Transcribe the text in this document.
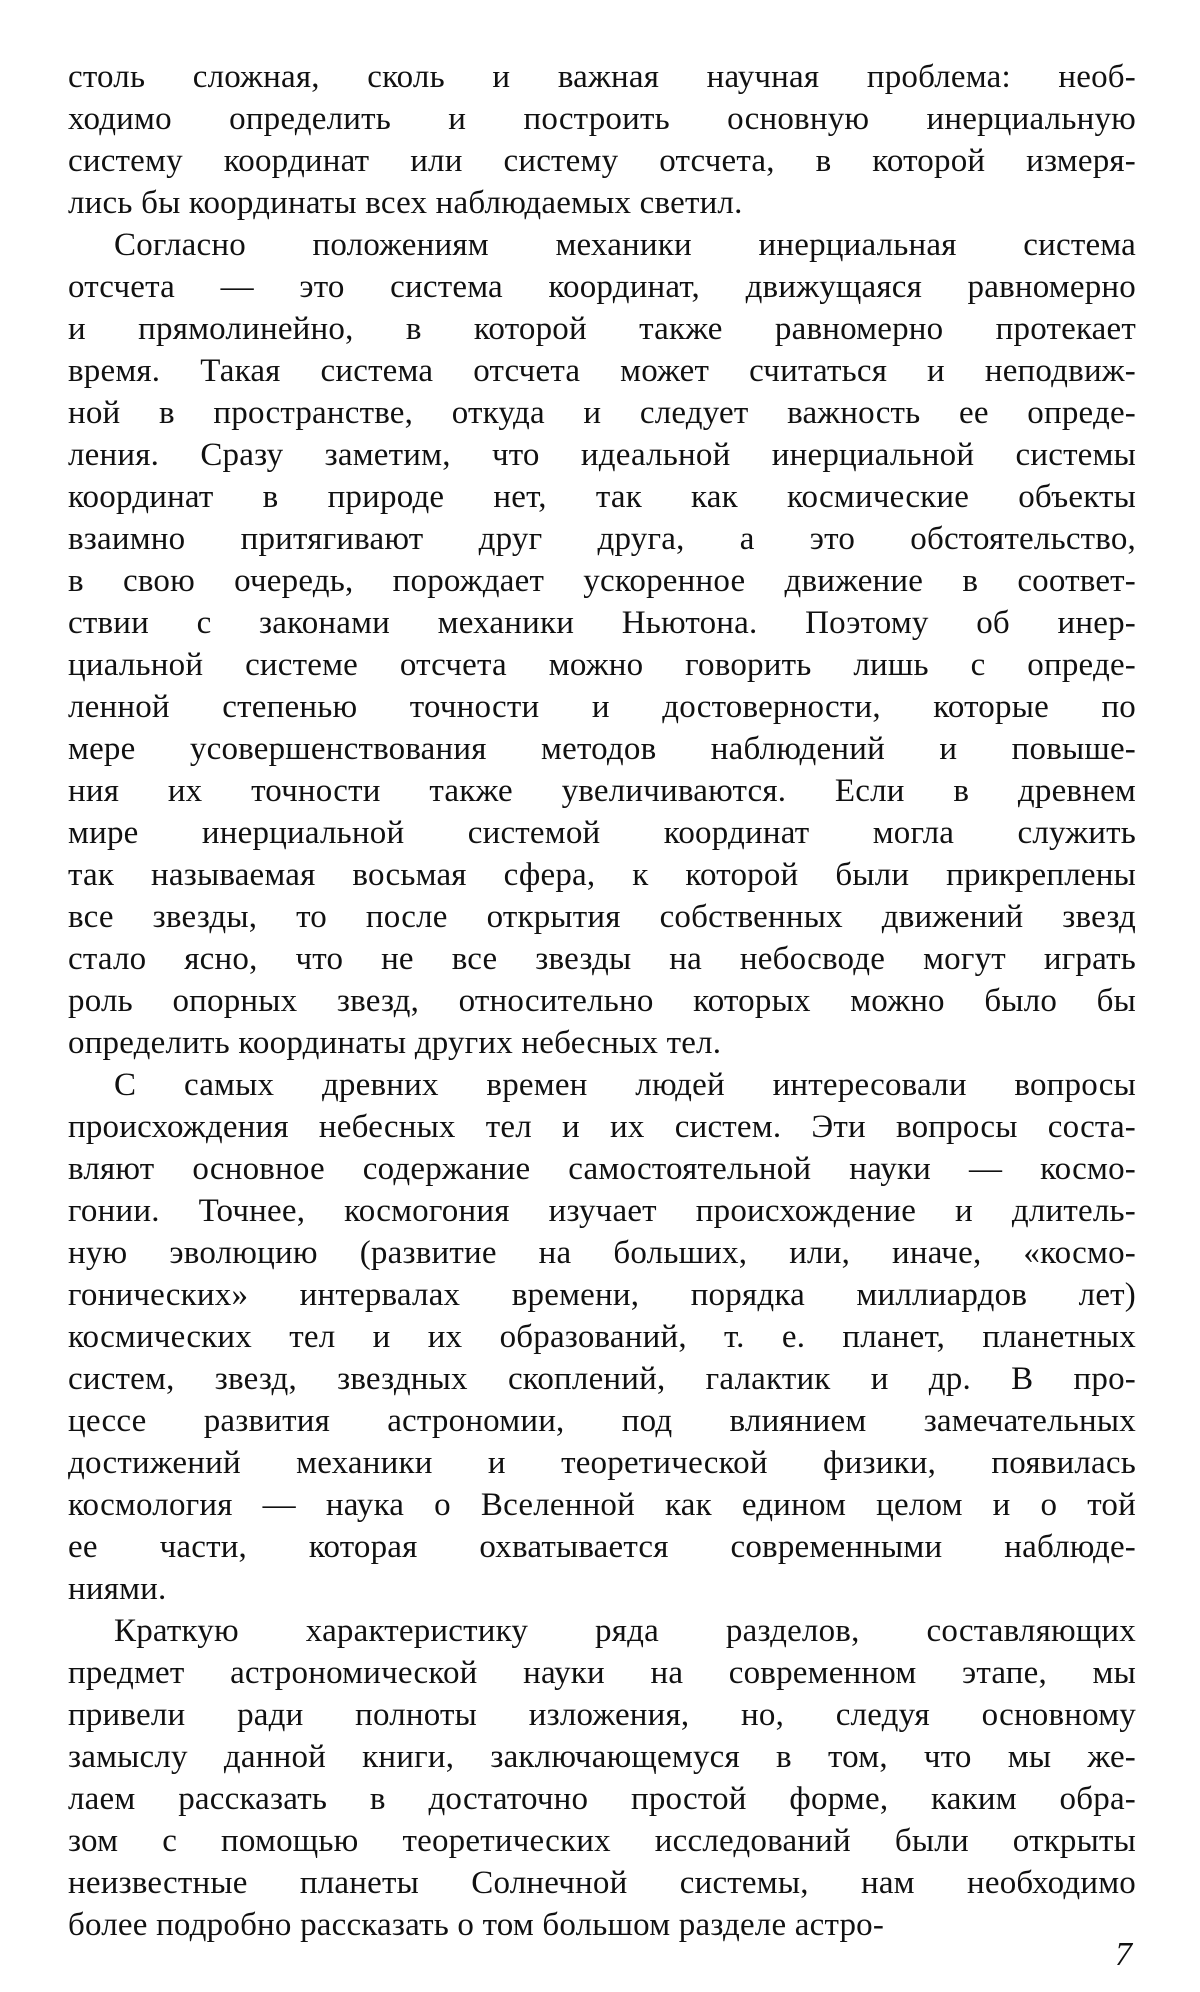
столь сложная, сколь и важная научная проблема: необ-
ходимо определить и построить основную инерциальную
систему координат или систему отсчета, в которой измеря-
лись бы координаты всех наблюдаемых светил.
Согласно положениям механики инерциальная система
отсчета — это система координат, движущаяся равномерно
и прямолинейно, в которой также равномерно протекает
время. Такая система отсчета может считаться и неподвиж-
ной в пространстве, откуда и следует важность ее опреде-
ления. Сразу заметим, что идеальной инерциальной системы
координат в природе нет, так как космические объекты
взаимно притягивают друг друга, а это обстоятельство,
в свою очередь, порождает ускоренное движение в соответ-
ствии с законами механики Ньютона. Поэтому об инер-
циальной системе отсчета можно говорить лишь с опреде-
ленной степенью точности и достоверности, которые по
мере усовершенствования методов наблюдений и повыше-
ния их точности также увеличиваются. Если в древнем
мире инерциальной системой координат могла служить
так называемая восьмая сфера, к которой были прикреплены
все звезды, то после открытия собственных движений звезд
стало ясно, что не все звезды на небосводе могут играть
роль опорных звезд, относительно которых можно было бы
определить координаты других небесных тел.
С самых древних времен людей интересовали вопросы
происхождения небесных тел и их систем. Эти вопросы соста-
вляют основное содержание самостоятельной науки — космо-
гонии. Точнее, космогония изучает происхождение и длитель-
ную эволюцию (развитие на больших, или, иначе, «космо-
гонических» интервалах времени, порядка миллиардов лет)
космических тел и их образований, т. е. планет, планетных
систем, звезд, звездных скоплений, галактик и др. В про-
цессе развития астрономии, под влиянием замечательных
достижений механики и теоретической физики, появилась
космология — наука о Вселенной как едином целом и о той
ее части, которая охватывается современными наблюде-
ниями.
Краткую характеристику ряда разделов, составляющих
предмет астрономической науки на современном этапе, мы
привели ради полноты изложения, но, следуя основному
замыслу данной книги, заключающемуся в том, что мы же-
лаем рассказать в достаточно простой форме, каким обра-
зом с помощью теоретических исследований были открыты
неизвестные планеты Солнечной системы, нам необходимо
более подробно рассказать о том большом разделе астро-
7
